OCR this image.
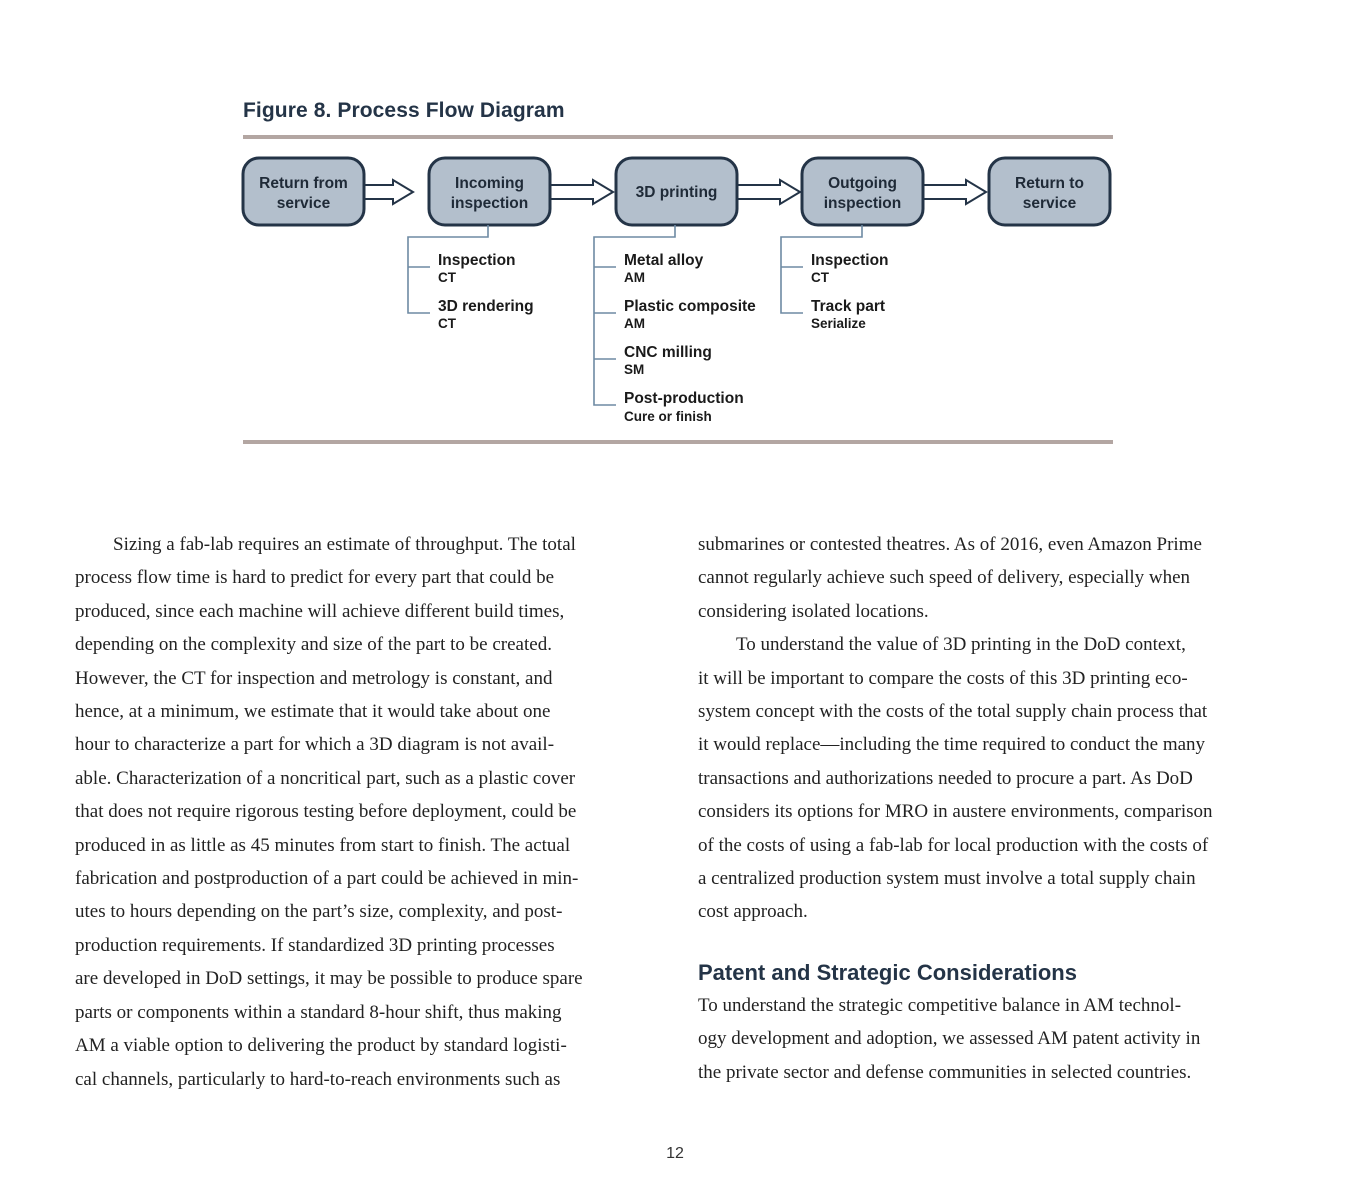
Figure 8. Process Flow Diagram
Return from
service
Incoming
inspection
3D printing
Outgoing
inspection
Return to
service
Inspection
CT
3D rendering
CT
Metal alloy
AM
Plastic composite
AM
CNC milling
SM
Post-production
Cure or finish
Inspection
CT
Track part
Serialize

Sizing a fab-lab requires an estimate of throughput. The total
process flow time is hard to predict for every part that could be
produced, since each machine will achieve different build times,
depending on the complexity and size of the part to be created.
However, the CT for inspection and metrology is constant, and
hence, at a minimum, we estimate that it would take about one
hour to characterize a part for which a 3D diagram is not avail-
able. Characterization of a noncritical part, such as a plastic cover
that does not require rigorous testing before deployment, could be
produced in as little as 45 minutes from start to finish. The actual
fabrication and postproduction of a part could be achieved in min-
utes to hours depending on the part’s size, complexity, and post-
production requirements. If standardized 3D printing processes
are developed in DoD settings, it may be possible to produce spare
parts or components within a standard 8-hour shift, thus making
AM a viable option to delivering the product by standard logisti-
cal channels, particularly to hard-to-reach environments such as

submarines or contested theatres. As of 2016, even Amazon Prime
cannot regularly achieve such speed of delivery, especially when
considering isolated locations.

To understand the value of 3D printing in the DoD context,
it will be important to compare the costs of this 3D printing eco-
system concept with the costs of the total supply chain process that
it would replace—including the time required to conduct the many
transactions and authorizations needed to procure a part. As DoD
considers its options for MRO in austere environments, comparison
of the costs of using a fab-lab for local production with the costs of
a centralized production system must involve a total supply chain
cost approach.

Patent and Strategic Considerations

To understand the strategic competitive balance in AM technol-
ogy development and adoption, we assessed AM patent activity in
the private sector and defense communities in selected countries.

12
